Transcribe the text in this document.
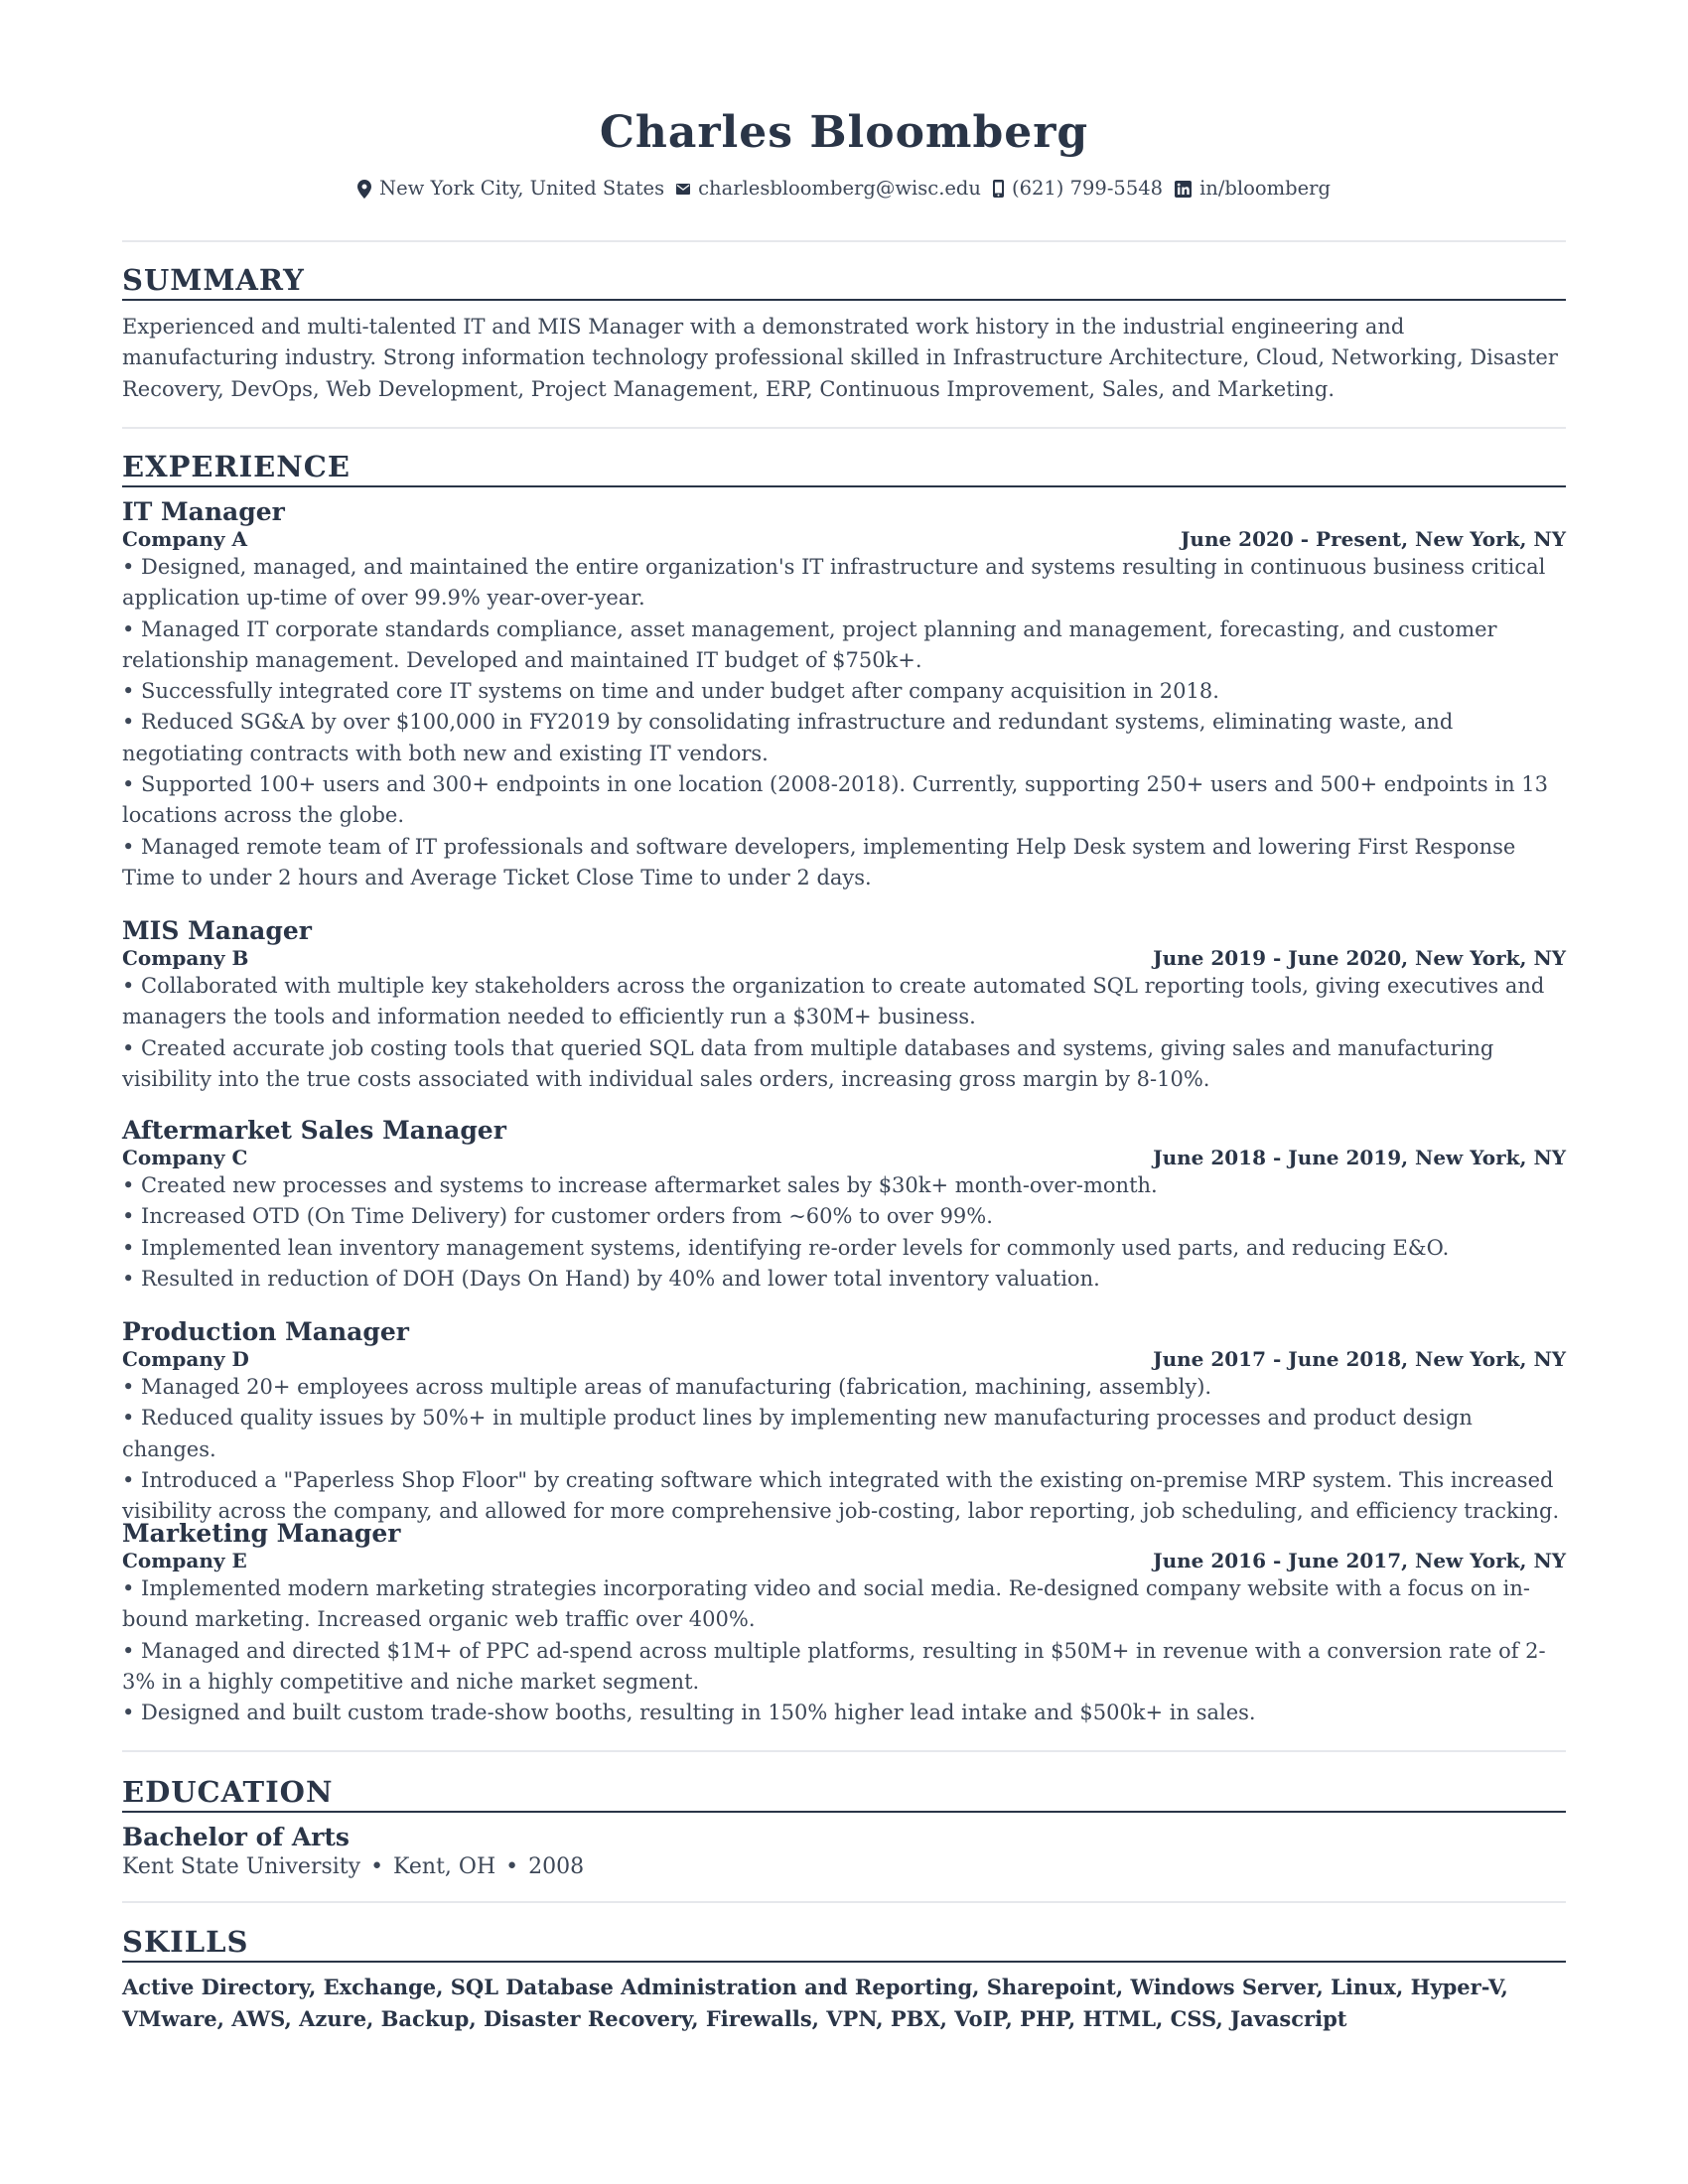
Charles Bloomberg
New York City, United States charlesbloomberg@wisc.edu (621) 799-5548 in/bloomberg
SUMMARY
Experienced and multi-talented IT and MIS Manager with a demonstrated work history in the industrial engineering and manufacturing industry. Strong information technology professional skilled in Infrastructure Architecture, Cloud, Networking, Disaster Recovery, DevOps, Web Development, Project Management, ERP, Continuous Improvement, Sales, and Marketing.
EXPERIENCE
IT Manager
Company A	June 2020 - Present, New York, NY
• Designed, managed, and maintained the entire organization's IT infrastructure and systems resulting in continuous business critical application up-time of over 99.9% year-over-year.
• Managed IT corporate standards compliance, asset management, project planning and management, forecasting, and customer relationship management. Developed and maintained IT budget of $750k+.
• Successfully integrated core IT systems on time and under budget after company acquisition in 2018.
• Reduced SG&A by over $100,000 in FY2019 by consolidating infrastructure and redundant systems, eliminating waste, and negotiating contracts with both new and existing IT vendors.
• Supported 100+ users and 300+ endpoints in one location (2008-2018). Currently, supporting 250+ users and 500+ endpoints in 13 locations across the globe.
• Managed remote team of IT professionals and software developers, implementing Help Desk system and lowering First Response Time to under 2 hours and Average Ticket Close Time to under 2 days.
MIS Manager
Company B	June 2019 - June 2020, New York, NY
• Collaborated with multiple key stakeholders across the organization to create automated SQL reporting tools, giving executives and managers the tools and information needed to efficiently run a $30M+ business.
• Created accurate job costing tools that queried SQL data from multiple databases and systems, giving sales and manufacturing visibility into the true costs associated with individual sales orders, increasing gross margin by 8-10%.
Aftermarket Sales Manager
Company C	June 2018 - June 2019, New York, NY
• Created new processes and systems to increase aftermarket sales by $30k+ month-over-month.
• Increased OTD (On Time Delivery) for customer orders from ~60% to over 99%.
• Implemented lean inventory management systems, identifying re-order levels for commonly used parts, and reducing E&O.
• Resulted in reduction of DOH (Days On Hand) by 40% and lower total inventory valuation.
Production Manager
Company D	June 2017 - June 2018, New York, NY
• Managed 20+ employees across multiple areas of manufacturing (fabrication, machining, assembly).
• Reduced quality issues by 50%+ in multiple product lines by implementing new manufacturing processes and product design changes.
• Introduced a "Paperless Shop Floor" by creating software which integrated with the existing on-premise MRP system. This increased visibility across the company, and allowed for more comprehensive job-costing, labor reporting, job scheduling, and efficiency tracking.
Marketing Manager
Company E	June 2016 - June 2017, New York, NY
• Implemented modern marketing strategies incorporating video and social media. Re-designed company website with a focus on in-bound marketing. Increased organic web traffic over 400%.
• Managed and directed $1M+ of PPC ad-spend across multiple platforms, resulting in $50M+ in revenue with a conversion rate of 2-3% in a highly competitive and niche market segment.
• Designed and built custom trade-show booths, resulting in 150% higher lead intake and $500k+ in sales.
EDUCATION
Bachelor of Arts
Kent State University • Kent, OH • 2008
SKILLS
Active Directory, Exchange, SQL Database Administration and Reporting, Sharepoint, Windows Server, Linux, Hyper-V, VMware, AWS, Azure, Backup, Disaster Recovery, Firewalls, VPN, PBX, VoIP, PHP, HTML, CSS, Javascript
